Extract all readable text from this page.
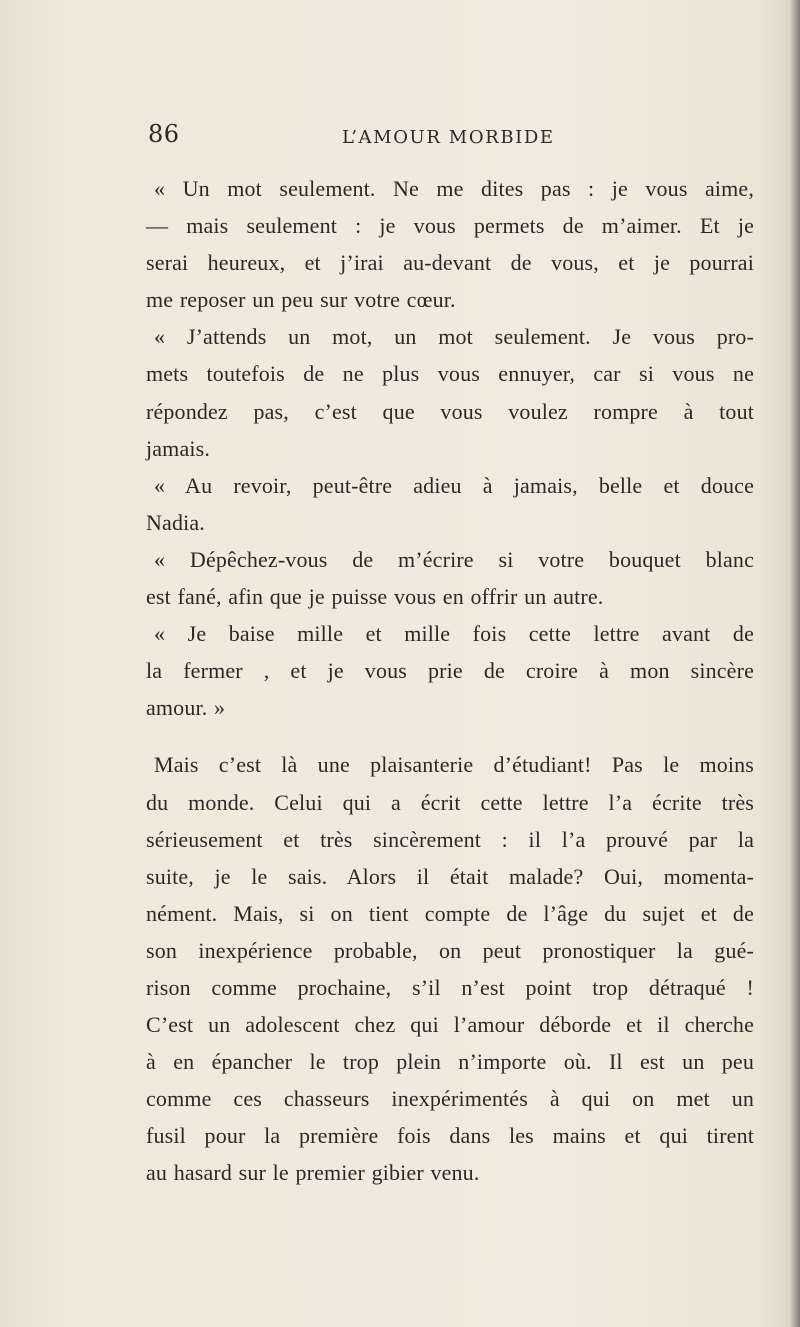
86	L’AMOUR MORBIDE
« Un mot seulement. Ne me dites pas : je vous aime,
— mais seulement : je vous permets de m’aimer. Et je
serai heureux, et j’irai au-devant de vous, et je pourrai
me reposer un peu sur votre cœur.
« J’attends un mot, un mot seulement. Je vous pro-
mets toutefois de ne plus vous ennuyer, car si vous ne
répondez pas, c’est que vous voulez rompre à tout
jamais.
« Au revoir, peut-être adieu à jamais, belle et douce
Nadia.
« Dépêchez-vous de m’écrire si votre bouquet blanc
est fané, afin que je puisse vous en offrir un autre.
« Je baise mille et mille fois cette lettre avant de
la fermer , et je vous prie de croire à mon sincère
amour. »
Mais c’est là une plaisanterie d’étudiant! Pas le moins
du monde. Celui qui a écrit cette lettre l’a écrite très
sérieusement et très sincèrement : il l’a prouvé par la
suite, je le sais. Alors il était malade? Oui, momenta-
nément. Mais, si on tient compte de l’âge du sujet et de
son inexpérience probable, on peut pronostiquer la gué-
rison comme prochaine, s’il n’est point trop détraqué !
C’est un adolescent chez qui l’amour déborde et il cherche
à en épancher le trop plein n’importe où. Il est un peu
comme ces chasseurs inexpérimentés à qui on met un
fusil pour la première fois dans les mains et qui tirent
au hasard sur le premier gibier venu.
